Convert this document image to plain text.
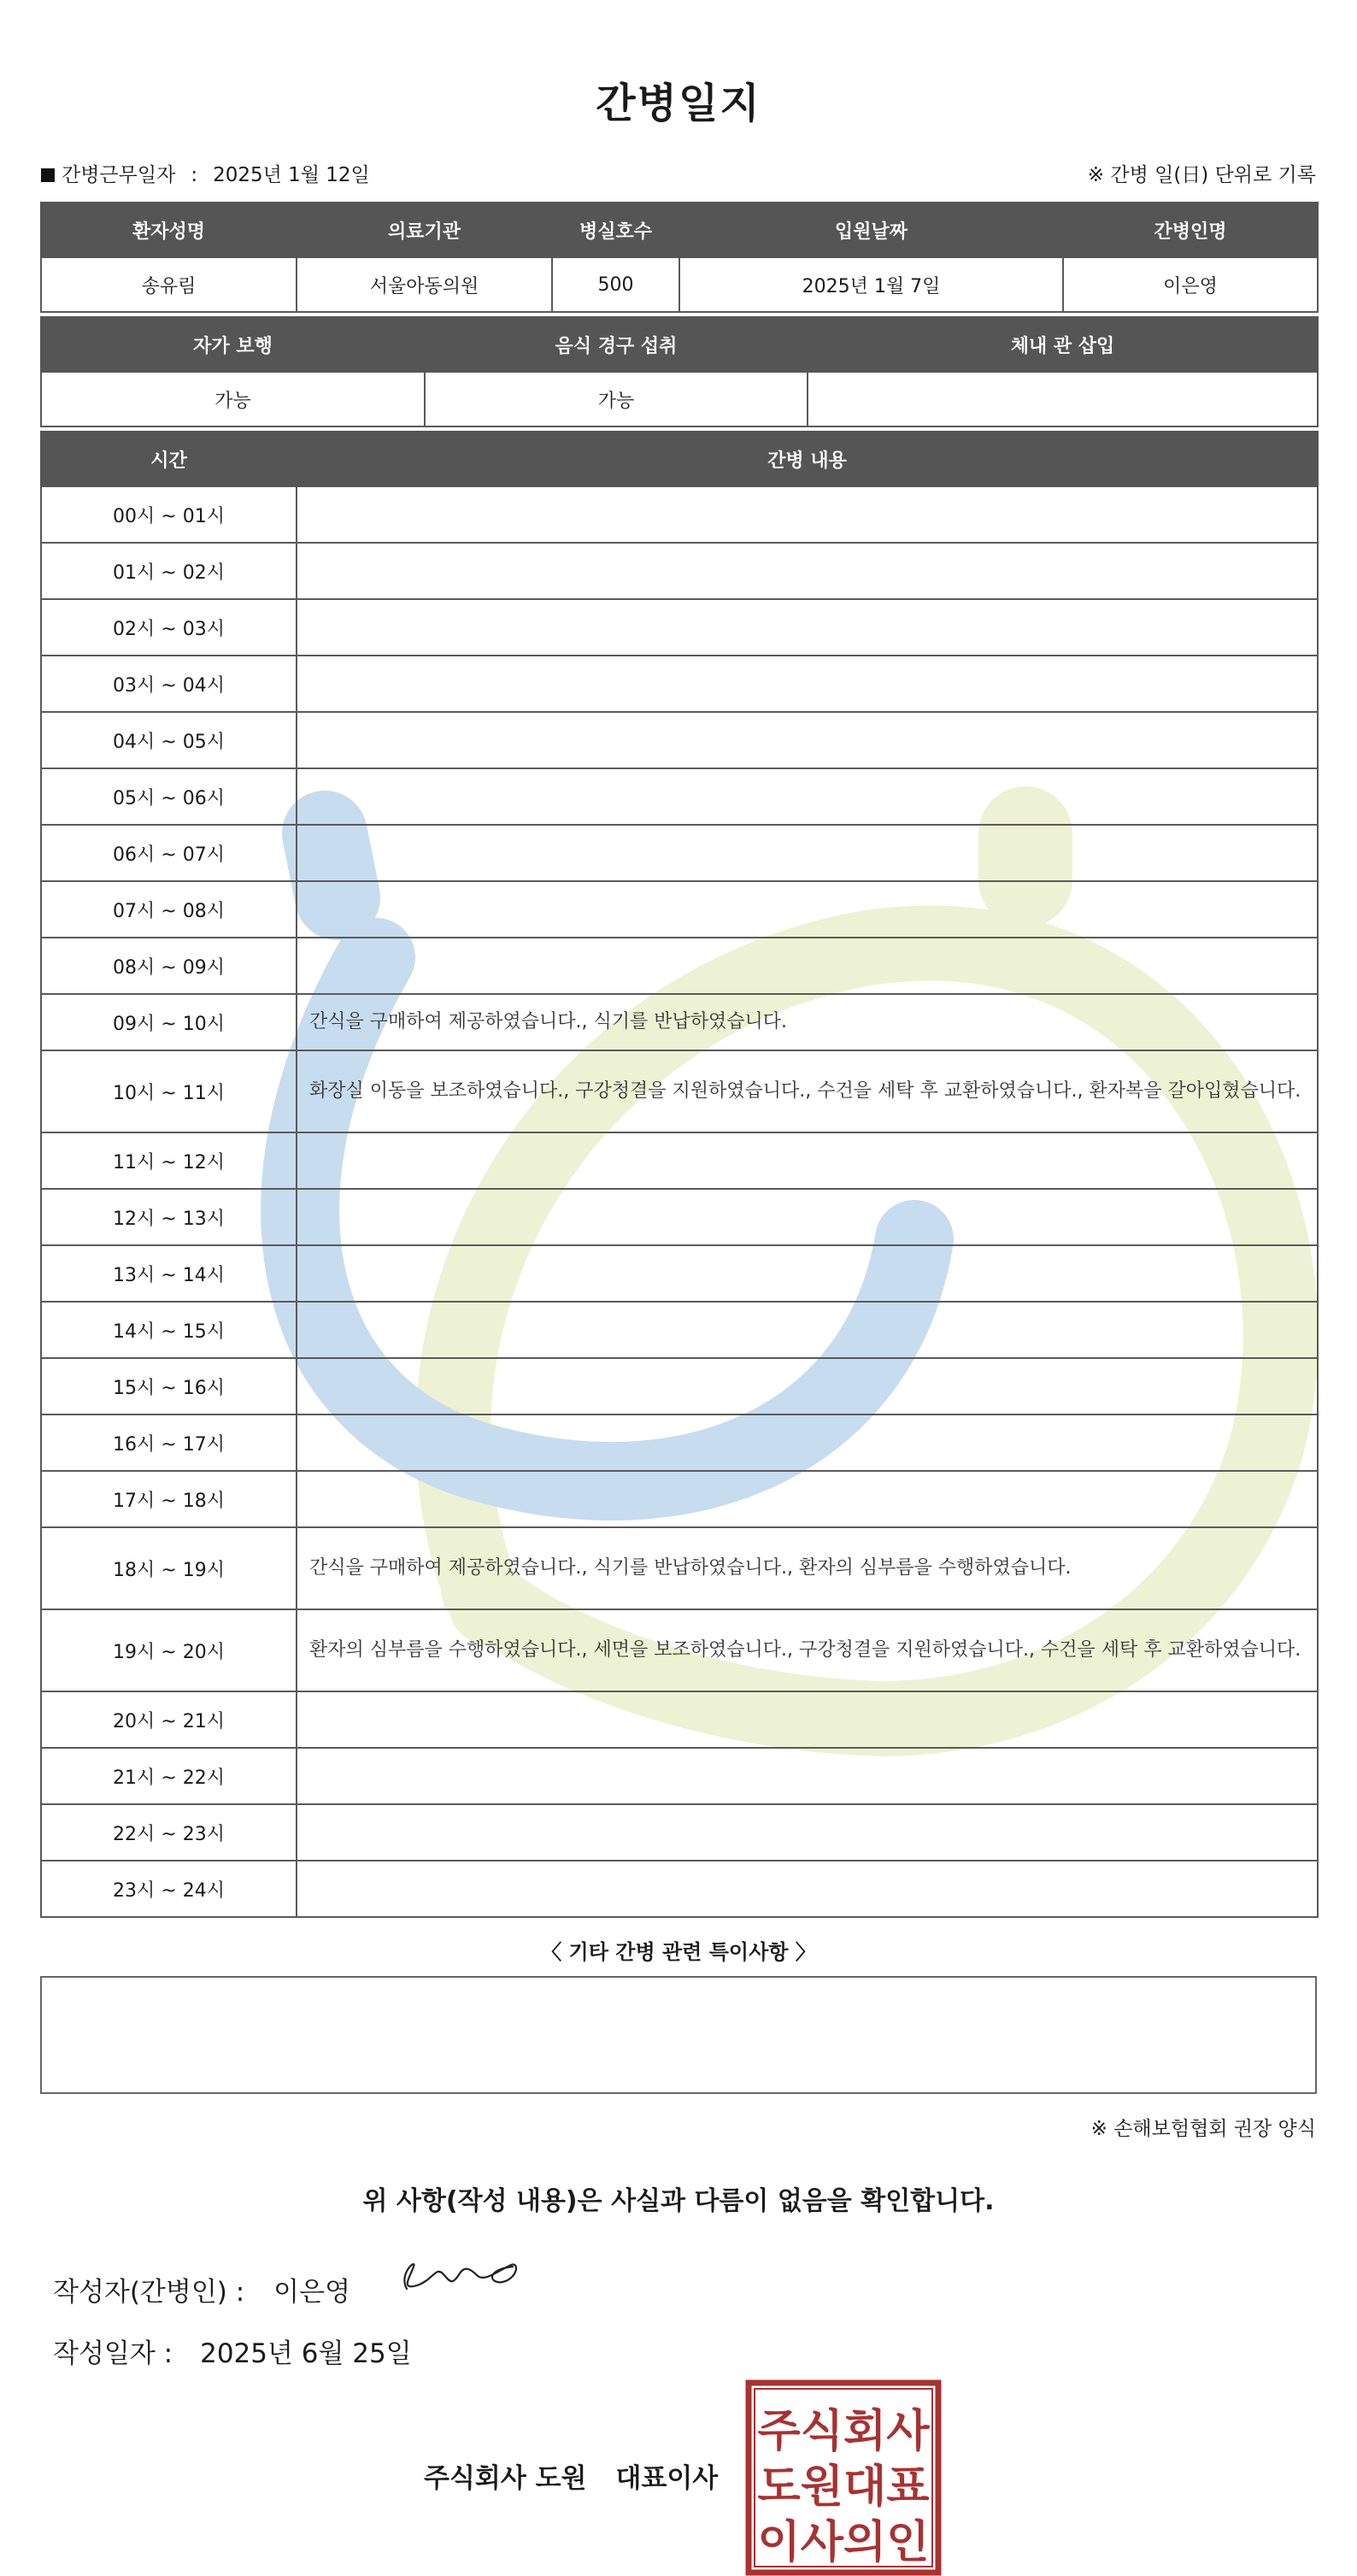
간병일지
간병근무일자 : 2025년 1월 12일	※ 간병 일(日) 단위로 기록
환자성명	의료기관	병실호수	입원날짜	간병인명
송유림	서울아동의원	500	2025년 1월 7일	이은영
자가 보행	음식 경구 섭취	체내 관 삽입
가능	가능	
시간	간병 내용
00시 ~ 01시	
01시 ~ 02시	
02시 ~ 03시	
03시 ~ 04시	
04시 ~ 05시	
05시 ~ 06시	
06시 ~ 07시	
07시 ~ 08시	
08시 ~ 09시	
09시 ~ 10시	간식을 구매하여 제공하였습니다., 식기를 반납하였습니다.
10시 ~ 11시	화장실 이동을 보조하였습니다., 구강청결을 지원하였습니다., 수건을 세탁 후 교환하였습니다., 환자복을 갈아입혔습니다.
11시 ~ 12시	
12시 ~ 13시	
13시 ~ 14시	
14시 ~ 15시	
15시 ~ 16시	
16시 ~ 17시	
17시 ~ 18시	
18시 ~ 19시	간식을 구매하여 제공하였습니다., 식기를 반납하였습니다., 환자의 심부름을 수행하였습니다.
19시 ~ 20시	환자의 심부름을 수행하였습니다., 세면을 보조하였습니다., 구강청결을 지원하였습니다., 수건을 세탁 후 교환하였습니다.
20시 ~ 21시	
21시 ~ 22시	
22시 ~ 23시	
23시 ~ 24시	
〈 기타 간병 관련 특이사항 〉
※ 손해보험협회 권장 양식
위 사항(작성 내용)은 사실과 다름이 없음을 확인합니다.
작성자(간병인) : 이은영
작성일자 : 2025년 6월 25일
주식회사 도원 대표이사
주식회사
도원대표
이사의인
